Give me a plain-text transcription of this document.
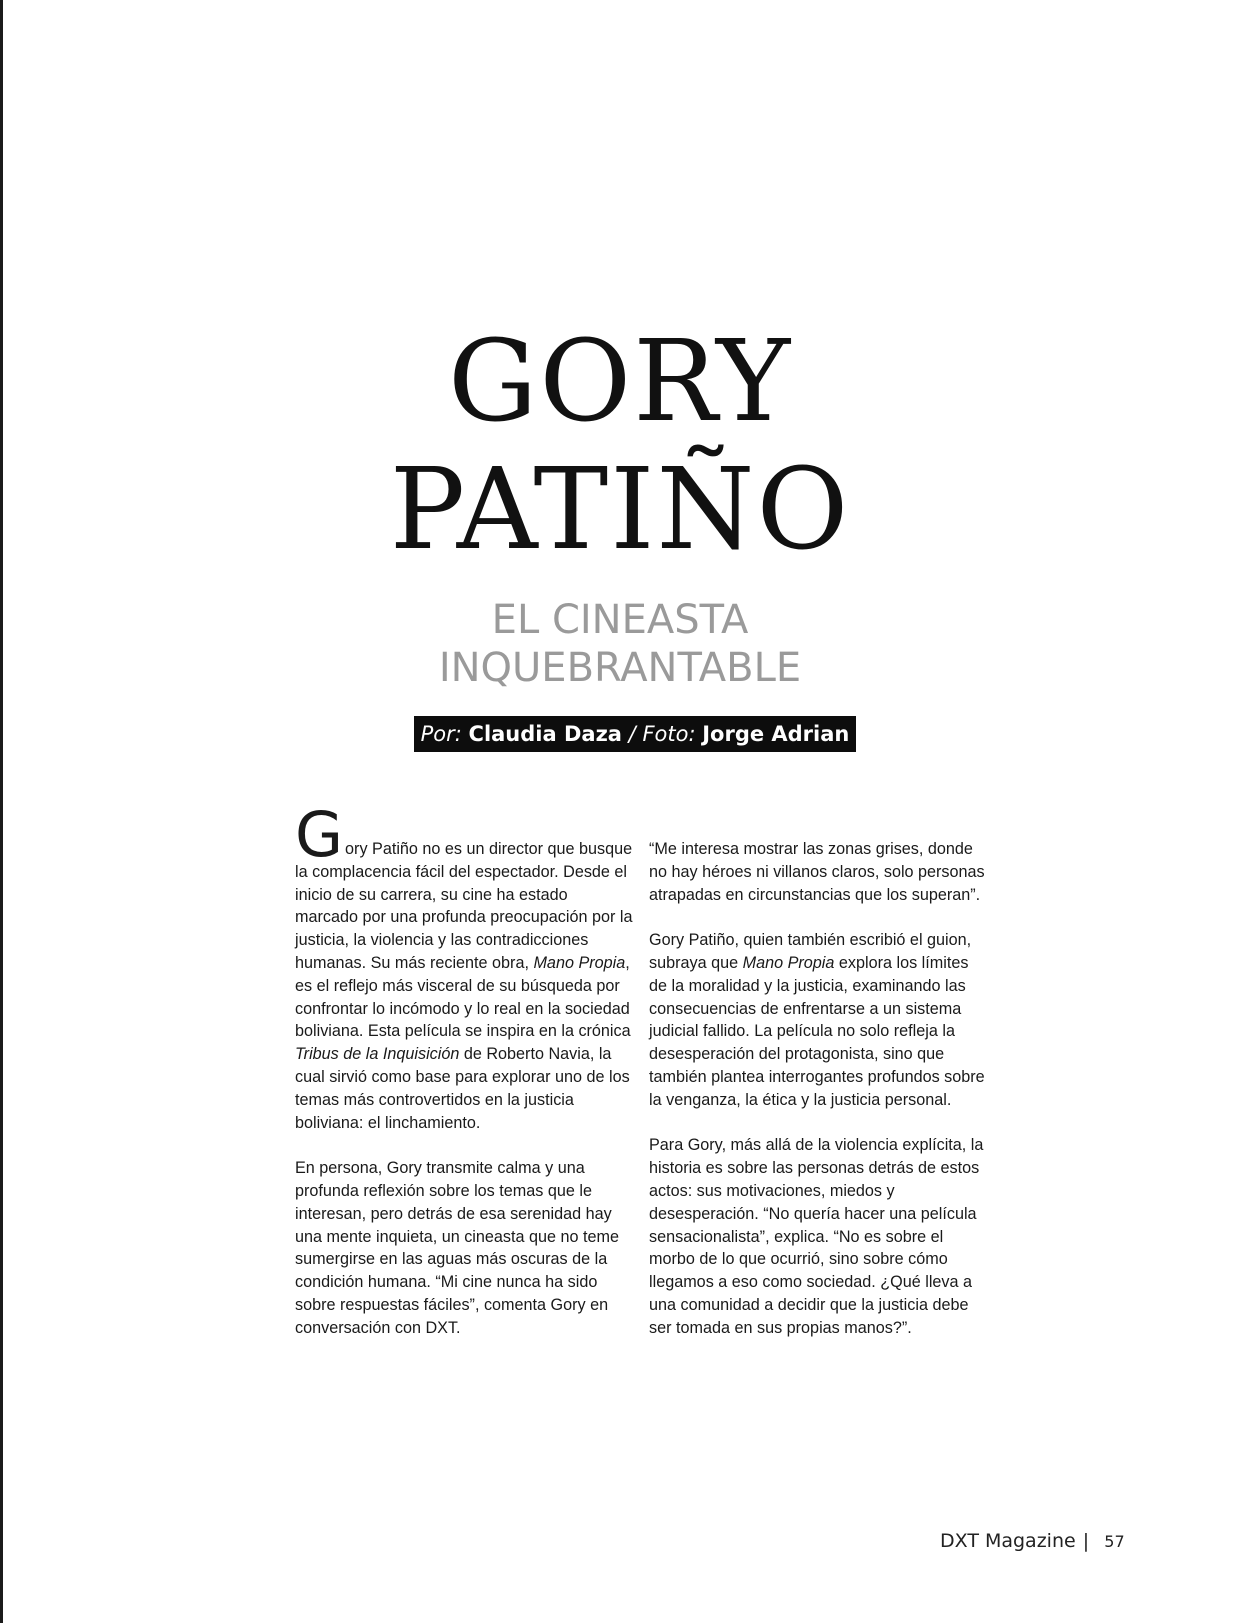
GORY
PATIÑO
EL CINEASTA
INQUEBRANTABLE
Por: Claudia Daza / Foto: Jorge Adrian

Gory Patiño no es un director que busque la complacencia fácil del espectador. Desde el inicio de su carrera, su cine ha estado marcado por una profunda preocupación por la justicia, la violencia y las contradicciones humanas. Su más reciente obra, Mano Propia, es el reflejo más visceral de su búsqueda por confrontar lo incómodo y lo real en la sociedad boliviana. Esta película se inspira en la crónica Tribus de la Inquisición de Roberto Navia, la cual sirvió como base para explorar uno de los temas más controvertidos en la justicia boliviana: el linchamiento.

En persona, Gory transmite calma y una profunda reflexión sobre los temas que le interesan, pero detrás de esa serenidad hay una mente inquieta, un cineasta que no teme sumergirse en las aguas más oscuras de la condición humana. “Mi cine nunca ha sido sobre respuestas fáciles”, comenta Gory en conversación con DXT.

“Me interesa mostrar las zonas grises, donde no hay héroes ni villanos claros, solo personas atrapadas en circunstancias que los superan”.

Gory Patiño, quien también escribió el guion, subraya que Mano Propia explora los límites de la moralidad y la justicia, examinando las consecuencias de enfrentarse a un sistema judicial fallido. La película no solo refleja la desesperación del protagonista, sino que también plantea interrogantes profundos sobre la venganza, la ética y la justicia personal.

Para Gory, más allá de la violencia explícita, la historia es sobre las personas detrás de estos actos: sus motivaciones, miedos y desesperación. “No quería hacer una película sensacionalista”, explica. “No es sobre el morbo de lo que ocurrió, sino sobre cómo llegamos a eso como sociedad. ¿Qué lleva a una comunidad a decidir que la justicia debe ser tomada en sus propias manos?”.

DXT Magazine | 57
